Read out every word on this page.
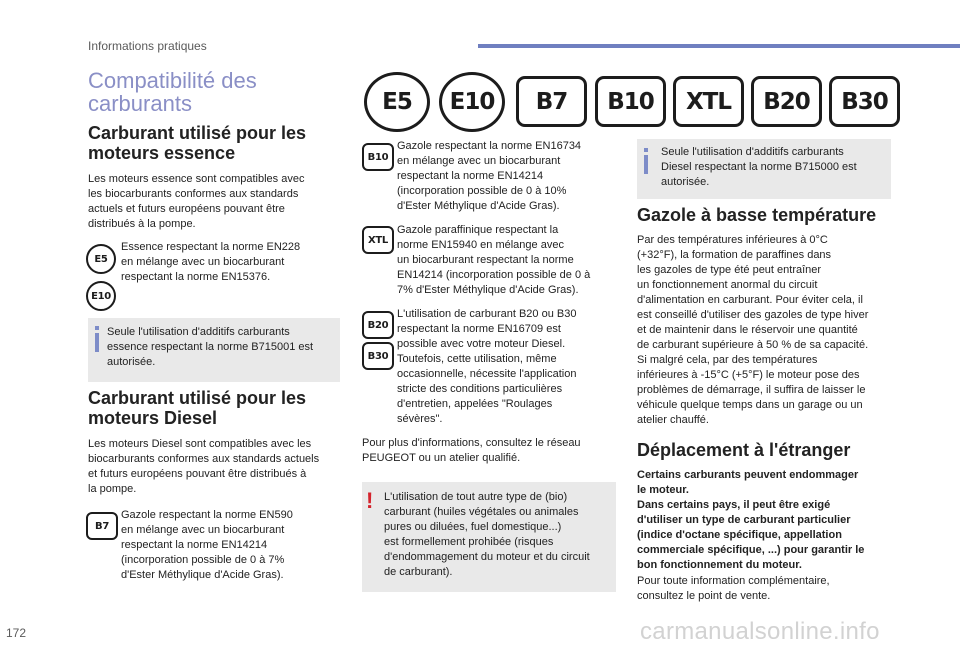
Informations pratiques
Compatibilité des
carburants	E5	E10	B7	B10	XTL	B20	B30
Carburant utilisé pour les
moteurs essence
Les moteurs essence sont compatibles avec
les biocarburants conformes aux standards
actuels et futurs européens pouvant être
distribués à la pompe.
E5
E10
Essence respectant la norme EN228
en mélange avec un biocarburant
respectant la norme EN15376.
Seule l'utilisation d'additifs carburants
essence respectant la norme B715001 est
autorisée.
Carburant utilisé pour les
moteurs Diesel
Les moteurs Diesel sont compatibles avec les
biocarburants conformes aux standards actuels
et futurs européens pouvant être distribués à
la pompe.
B7
Gazole respectant la norme EN590
en mélange avec un biocarburant
respectant la norme EN14214
(incorporation possible de 0 à 7%
d'Ester Méthylique d'Acide Gras).
B10
Gazole respectant la norme EN16734
en mélange avec un biocarburant
respectant la norme EN14214
(incorporation possible de 0 à 10%
d'Ester Méthylique d'Acide Gras).
XTL
Gazole paraffinique respectant la
norme EN15940 en mélange avec
un biocarburant respectant la norme
EN14214 (incorporation possible de 0 à
7% d'Ester Méthylique d'Acide Gras).
B20
B30
L'utilisation de carburant B20 ou B30
respectant la norme EN16709 est
possible avec votre moteur Diesel.
Toutefois, cette utilisation, même
occasionnelle, nécessite l'application
stricte des conditions particulières
d'entretien, appelées "Roulages
sévères".
Pour plus d'informations, consultez le réseau
PEUGEOT ou un atelier qualifié.
! L'utilisation de tout autre type de (bio)
carburant (huiles végétales ou animales
pures ou diluées, fuel domestique...)
est formellement prohibée (risques
d'endommagement du moteur et du circuit
de carburant).
Seule l'utilisation d'additifs carburants
Diesel respectant la norme B715000 est
autorisée.
Gazole à basse température
Par des températures inférieures à 0°C
(+32°F), la formation de paraffines dans
les gazoles de type été peut entraîner
un fonctionnement anormal du circuit
d'alimentation en carburant. Pour éviter cela, il
est conseillé d'utiliser des gazoles de type hiver
et de maintenir dans le réservoir une quantité
de carburant supérieure à 50 % de sa capacité.
Si malgré cela, par des températures
inférieures à -15°C (+5°F) le moteur pose des
problèmes de démarrage, il suffira de laisser le
véhicule quelque temps dans un garage ou un
atelier chauffé.
Déplacement à l'étranger
Certains carburants peuvent endommager
le moteur.
Dans certains pays, il peut être exigé
d'utiliser un type de carburant particulier
(indice d'octane spécifique, appellation
commerciale spécifique, ...) pour garantir le
bon fonctionnement du moteur.
Pour toute information complémentaire,
consultez le point de vente.
172	carmanualsonline.info
